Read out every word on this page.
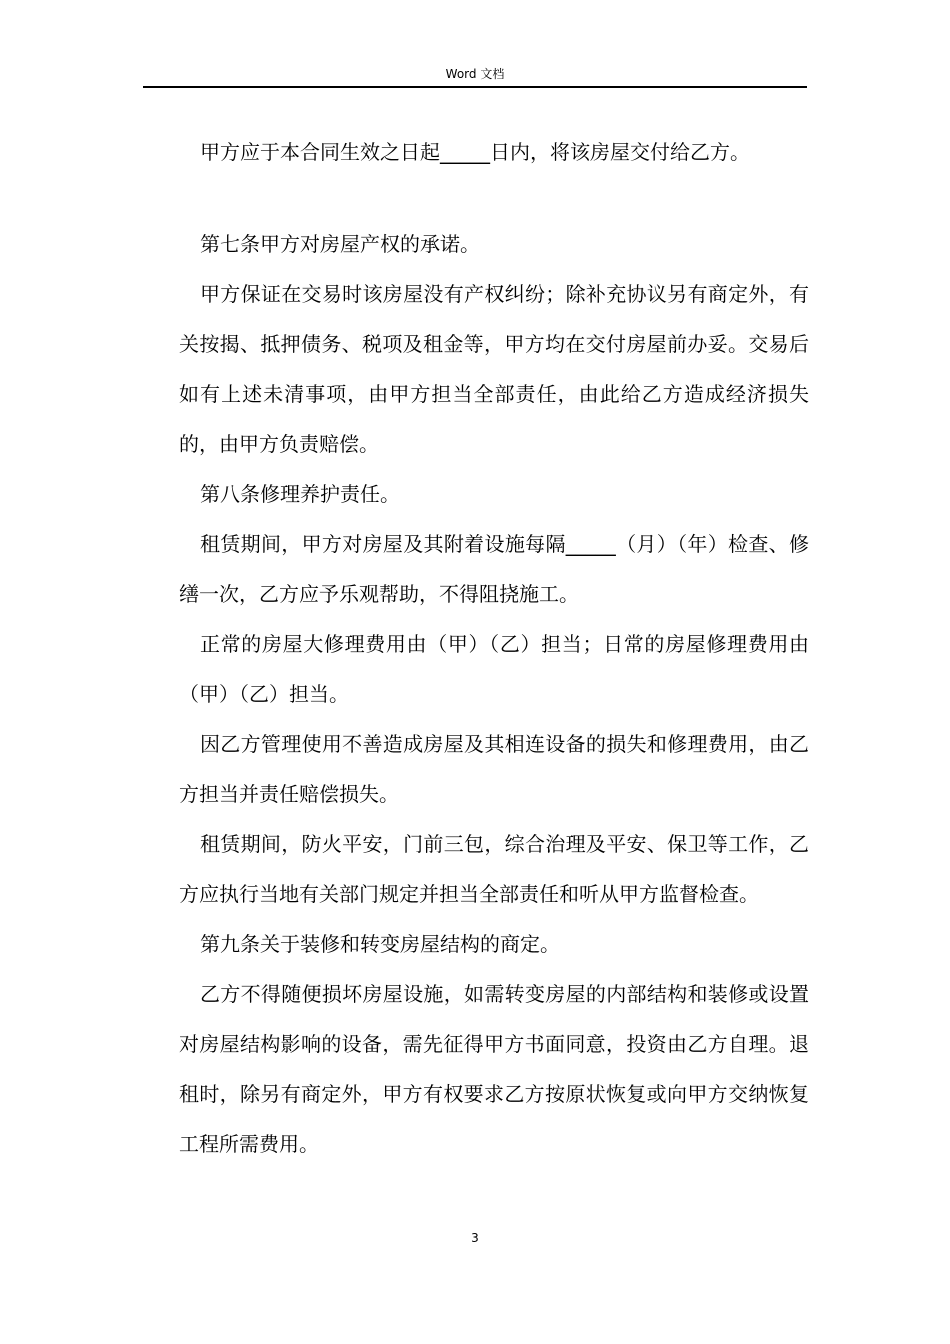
Word 文档

甲方应于本合同生效之日起_____日内，将该房屋交付给乙方。

第七条甲方对房屋产权的承诺。

甲方保证在交易时该房屋没有产权纠纷；除补充协议另有商定外，有关按揭、抵押债务、税项及租金等，甲方均在交付房屋前办妥。交易后如有上述未清事项，由甲方担当全部责任，由此给乙方造成经济损失的，由甲方负责赔偿。

第八条修理养护责任。

租赁期间，甲方对房屋及其附着设施每隔_____（月）（年）检查、修缮一次，乙方应予乐观帮助，不得阻挠施工。

正常的房屋大修理费用由（甲）（乙）担当；日常的房屋修理费用由（甲）（乙）担当。

因乙方管理使用不善造成房屋及其相连设备的损失和修理费用，由乙方担当并责任赔偿损失。

租赁期间，防火平安，门前三包，综合治理及平安、保卫等工作，乙方应执行当地有关部门规定并担当全部责任和听从甲方监督检查。

第九条关于装修和转变房屋结构的商定。

乙方不得随便损坏房屋设施，如需转变房屋的内部结构和装修或设置对房屋结构影响的设备，需先征得甲方书面同意，投资由乙方自理。退租时，除另有商定外，甲方有权要求乙方按原状恢复或向甲方交纳恢复工程所需费用。

3
